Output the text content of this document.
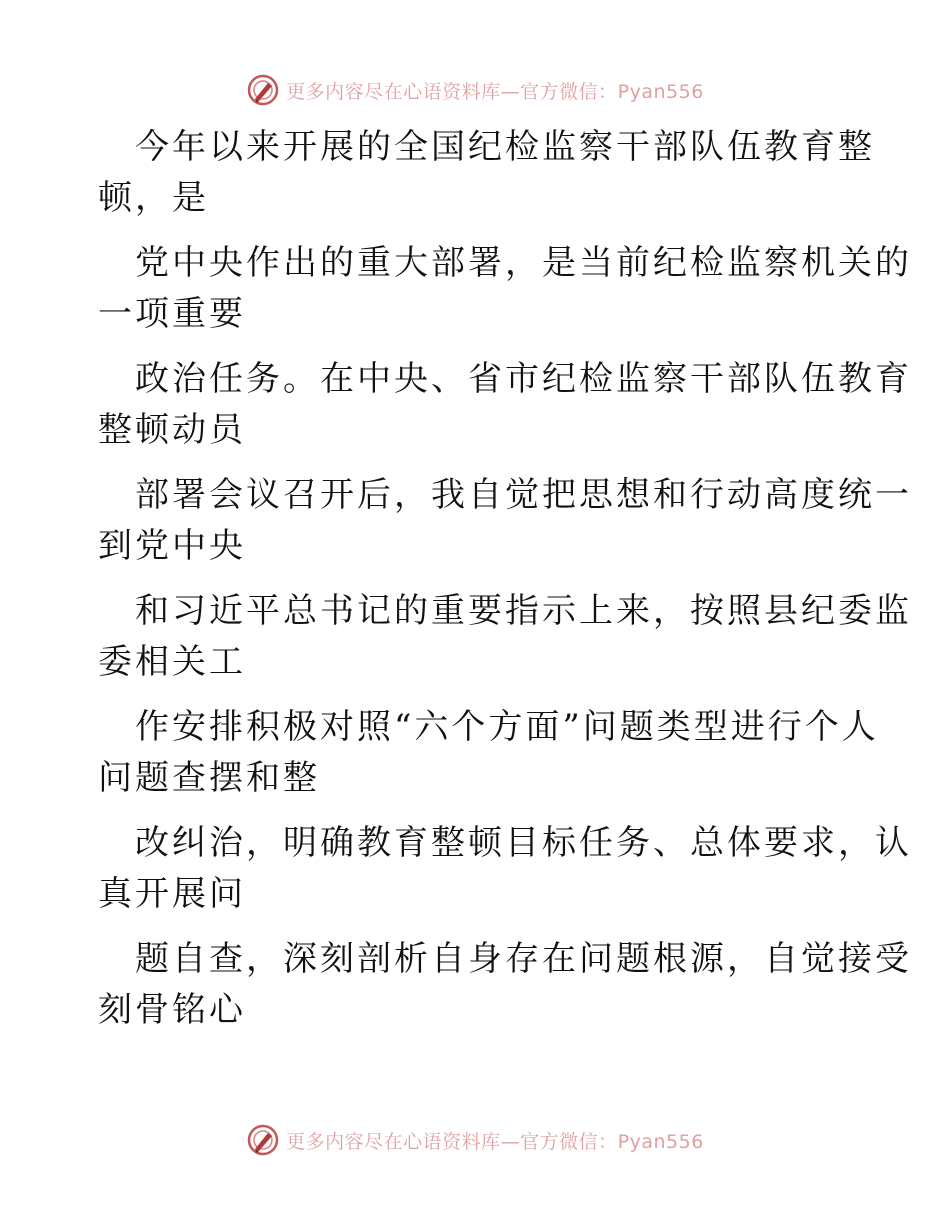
更多内容尽在心语资料库—官方微信：Pyan556
今年以来开展的全国纪检监察干部队伍教育整
顿，是
党中央作出的重大部署，是当前纪检监察机关的
一项重要
政治任务。在中央、省市纪检监察干部队伍教育
整顿动员
部署会议召开后，我自觉把思想和行动高度统一
到党中央
和习近平总书记的重要指示上来，按照县纪委监
委相关工
作安排积极对照“六个方面”问题类型进行个人
问题查摆和整
改纠治，明确教育整顿目标任务、总体要求，认
真开展问
题自查，深刻剖析自身存在问题根源，自觉接受
刻骨铭心
更多内容尽在心语资料库—官方微信：Pyan556
